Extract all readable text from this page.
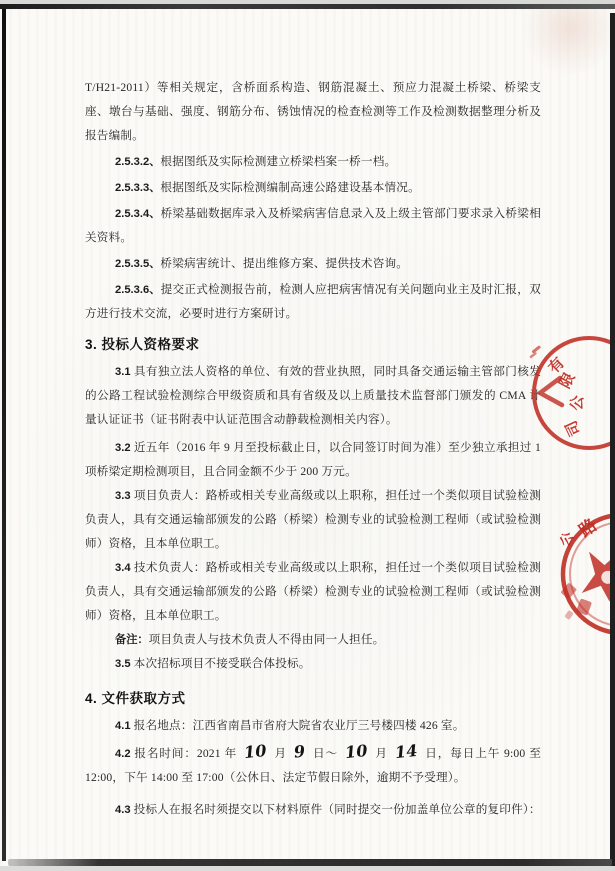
T/H21-2011）等相关规定，含桥面系构造、钢筋混凝土、预应力混凝土桥梁、桥梁支座、墩台与基础、强度、钢筋分布、锈蚀情况的检查检测等工作及检测数据整理分析及报告编制。

2.5.3.2、根据图纸及实际检测建立桥梁档案一桥一档。

2.5.3.3、根据图纸及实际检测编制高速公路建设基本情况。

2.5.3.4、桥梁基础数据库录入及桥梁病害信息录入及上级主管部门要求录入桥梁相关资料。

2.5.3.5、桥梁病害统计、提出维修方案、提供技术咨询。

2.5.3.6、提交正式检测报告前，检测人应把病害情况有关问题向业主及时汇报，双方进行技术交流，必要时进行方案研讨。

3. 投标人资格要求

3.1 具有独立法人资格的单位、有效的营业执照，同时具备交通运输主管部门核发的公路工程试验检测综合甲级资质和具有省级及以上质量技术监督部门颁发的 CMA 计量认证证书（证书附表中认证范围含动静载检测相关内容）。

3.2 近五年（2016 年 9 月至投标截止日，以合同签订时间为准）至少独立承担过 1 项桥梁定期检测项目，且合同金额不少于 200 万元。

3.3 项目负责人：路桥或相关专业高级或以上职称，担任过一个类似项目试验检测负责人，具有交通运输部颁发的公路（桥梁）检测专业的试验检测工程师（或试验检测师）资格，且本单位职工。

3.4 技术负责人：路桥或相关专业高级或以上职称，担任过一个类似项目试验检测负责人，具有交通运输部颁发的公路（桥梁）检测专业的试验检测工程师（或试验检测师）资格，且本单位职工。

备注：项目负责人与技术负责人不得由同一人担任。

3.5 本次招标项目不接受联合体投标。

4. 文件获取方式

4.1 报名地点：江西省南昌市省府大院省农业厅三号楼四楼 426 室。

4.2 报名时间：2021 年 10 月 9 日～ 10 月 14 日，每日上午 9:00 至 12:00，下午 14:00 至 17:00（公休日、法定节假日除外，逾期不予受理）。

4.3 投标人在报名时须提交以下材料原件（同时提交一份加盖单位公章的复印件）：

有
限
公
司
路
公
